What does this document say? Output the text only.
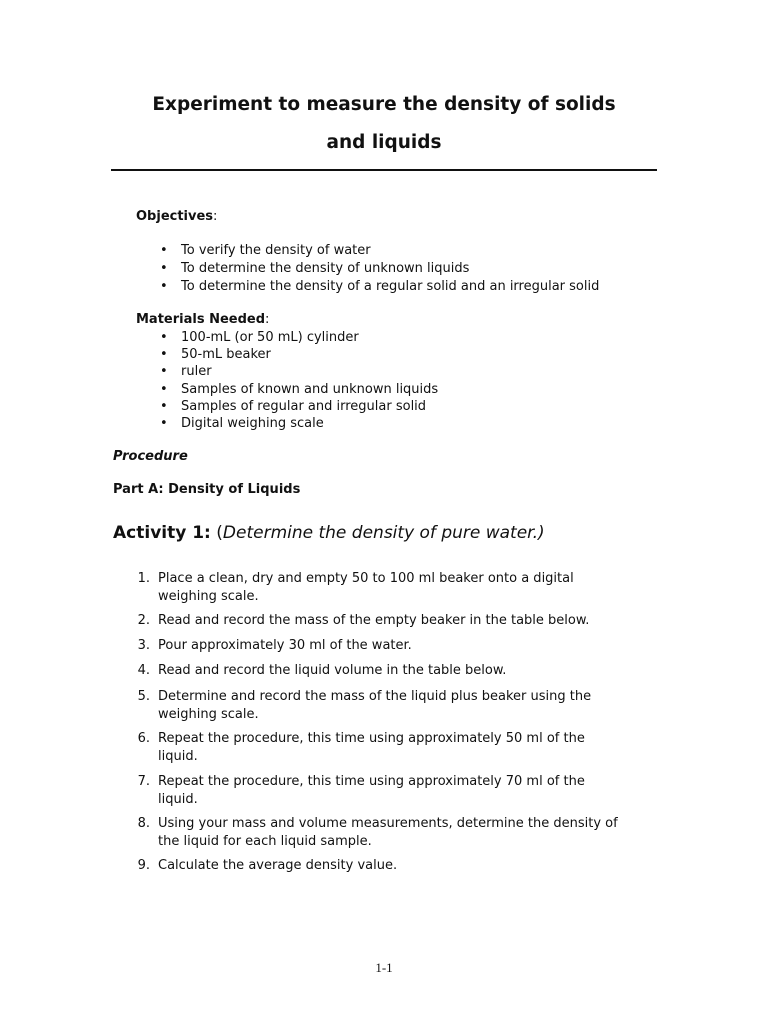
Experiment to measure the density of solids
and liquids
Objectives:
• To verify the density of water
• To determine the density of unknown liquids
• To determine the density of a regular solid and an irregular solid
Materials Needed:
• 100-mL (or 50 mL) cylinder
• 50-mL beaker
• ruler
• Samples of known and unknown liquids
• Samples of regular and irregular solid
• Digital weighing scale
Procedure
Part A: Density of Liquids
Activity 1: (Determine the density of pure water.)
1. Place a clean, dry and empty 50 to 100 ml beaker onto a digital
weighing scale.
2. Read and record the mass of the empty beaker in the table below.
3. Pour approximately 30 ml of the water.
4. Read and record the liquid volume in the table below.
5. Determine and record the mass of the liquid plus beaker using the
weighing scale.
6. Repeat the procedure, this time using approximately 50 ml of the
liquid.
7. Repeat the procedure, this time using approximately 70 ml of the
liquid.
8. Using your mass and volume measurements, determine the density of
the liquid for each liquid sample.
9. Calculate the average density value.
1-1
